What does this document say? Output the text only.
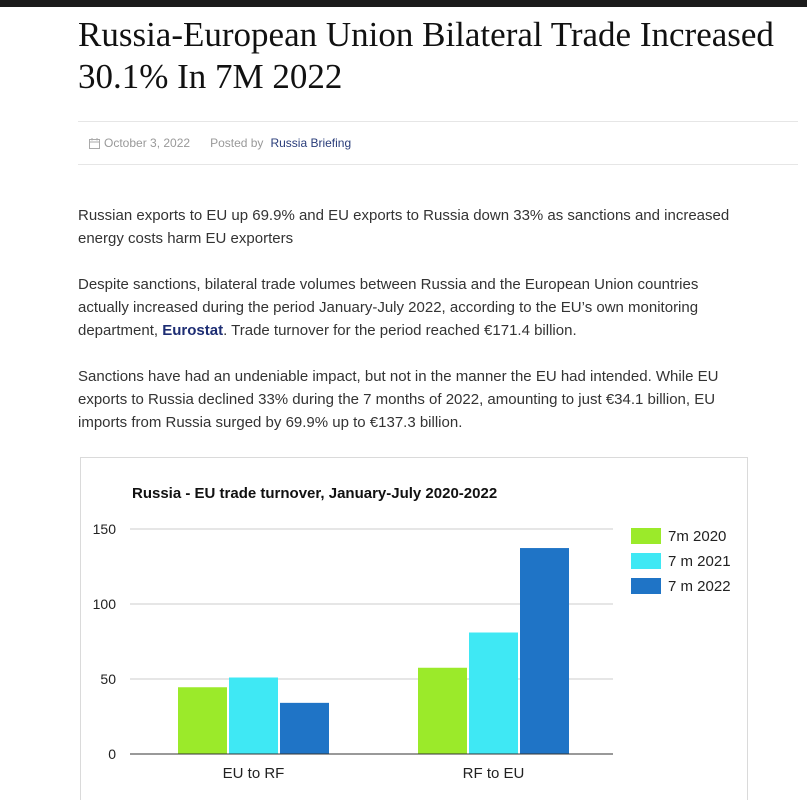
Russia-European Union Bilateral Trade Increased 30.1% In 7M 2022
October 3, 2022 Posted by Russia Briefing

Russian exports to EU up 69.9% and EU exports to Russia down 33% as sanctions and increased energy costs harm EU exporters

Despite sanctions, bilateral trade volumes between Russia and the European Union countries actually increased during the period January-July 2022, according to the EU’s own monitoring department, Eurostat. Trade turnover for the period reached €171.4 billion.

Sanctions have had an undeniable impact, but not in the manner the EU had intended. While EU exports to Russia declined 33% during the 7 months of 2022, amounting to just €34.1 billion, EU imports from Russia surged by 69.9% up to €137.3 billion.

Russia - EU trade turnover, January-July 2020-2022
0
50
100
150
EU to RF	RF to EU
7m 2020
7 m 2021
7 m 2022
